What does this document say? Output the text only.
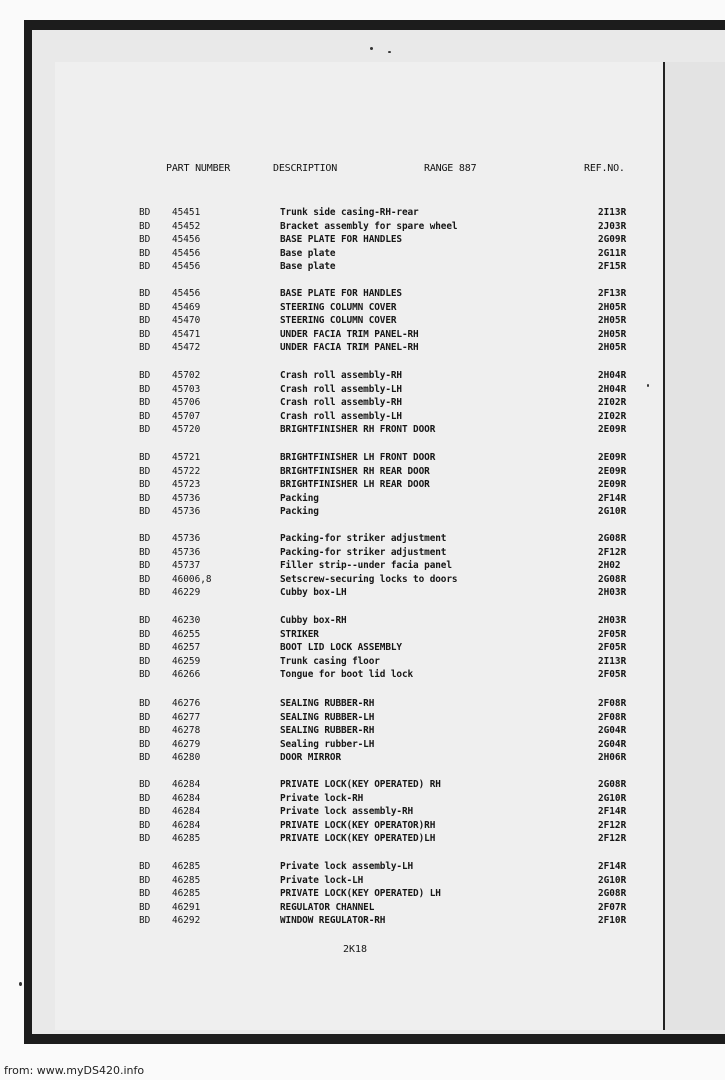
PART NUMBER	DESCRIPTION	RANGE 887	REF.NO.
BD 45451	Trunk side casing-RH-rear	2I13R
BD 45452	Bracket assembly for spare wheel	2J03R
BD 45456	BASE PLATE FOR HANDLES	2G09R
BD 45456	Base plate	2G11R
BD 45456	Base plate	2F15R
BD 45456	BASE PLATE FOR HANDLES	2F13R
BD 45469	STEERING COLUMN COVER	2H05R
BD 45470	STEERING COLUMN COVER	2H05R
BD 45471	UNDER FACIA TRIM PANEL-RH	2H05R
BD 45472	UNDER FACIA TRIM PANEL-RH	2H05R
BD 45702	Crash roll assembly-RH	2H04R
BD 45703	Crash roll assembly-LH	2H04R
BD 45706	Crash roll assembly-RH	2I02R
BD 45707	Crash roll assembly-LH	2I02R
BD 45720	BRIGHTFINISHER RH FRONT DOOR	2E09R
BD 45721	BRIGHTFINISHER LH FRONT DOOR	2E09R
BD 45722	BRIGHTFINISHER RH REAR DOOR	2E09R
BD 45723	BRIGHTFINISHER LH REAR DOOR	2E09R
BD 45736	Packing	2F14R
BD 45736	Packing	2G10R
BD 45736	Packing-for striker adjustment	2G08R
BD 45736	Packing-for striker adjustment	2F12R
BD 45737	Filler strip--under facia panel	2H02
BD 46006,8	Setscrew-securing locks to doors	2G08R
BD 46229	Cubby box-LH	2H03R
BD 46230	Cubby box-RH	2H03R
BD 46255	STRIKER	2F05R
BD 46257	BOOT LID LOCK ASSEMBLY	2F05R
BD 46259	Trunk casing floor	2I13R
BD 46266	Tongue for boot lid lock	2F05R
BD 46276	SEALING RUBBER-RH	2F08R
BD 46277	SEALING RUBBER-LH	2F08R
BD 46278	SEALING RUBBER-RH	2G04R
BD 46279	Sealing rubber-LH	2G04R
BD 46280	DOOR MIRROR	2H06R
BD 46284	PRIVATE LOCK(KEY OPERATED) RH	2G08R
BD 46284	Private lock-RH	2G10R
BD 46284	Private lock assembly-RH	2F14R
BD 46284	PRIVATE LOCK(KEY OPERATOR)RH	2F12R
BD 46285	PRIVATE LOCK(KEY OPERATED)LH	2F12R
BD 46285	Private lock assembly-LH	2F14R
BD 46285	Private lock-LH	2G10R
BD 46285	PRIVATE LOCK(KEY OPERATED) LH	2G08R
BD 46291	REGULATOR CHANNEL	2F07R
BD 46292	WINDOW REGULATOR-RH	2F10R
2K18
from: www.myDS420.info
